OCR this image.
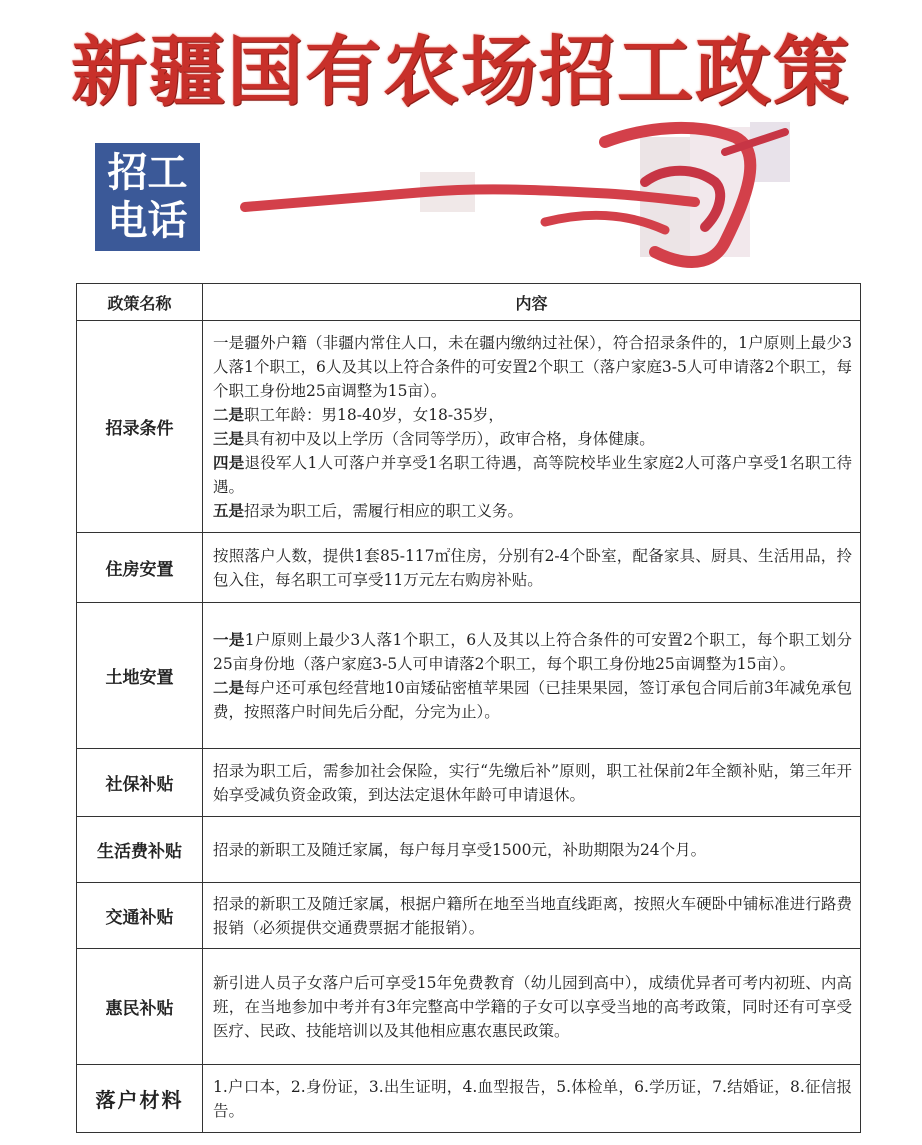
新疆国有农场招工政策
招工
电话
政策名称	内容
招录条件	一是疆外户籍（非疆内常住人口，未在疆内缴纳过社保），符合招录条件的，1户原则上最少3人落1个职工，6人及其以上符合条件的可安置2个职工（落户家庭3-5人可申请落2个职工，每个职工身份地25亩调整为15亩）。

二是职工年龄：男18-40岁，女18-35岁，

三是具有初中及以上学历（含同等学历），政审合格，身体健康。

四是退役军人1人可落户并享受1名职工待遇，高等院校毕业生家庭2人可落户享受1名职工待遇。

五是招录为职工后，需履行相应的职工义务。

住房安置	按照落户人数，提供1套85-117㎡住房，分别有2-4个卧室，配备家具、厨具、生活用品，拎包入住，每名职工可享受11万元左右购房补贴。

土地安置	一是1户原则上最少3人落1个职工，6人及其以上符合条件的可安置2个职工，每个职工划分25亩身份地（落户家庭3-5人可申请落2个职工，每个职工身份地25亩调整为15亩）。

二是每户还可承包经营地10亩矮砧密植苹果园（已挂果果园，签订承包合同后前3年减免承包费，按照落户时间先后分配，分完为止）。

社保补贴	招录为职工后，需参加社会保险，实行“先缴后补”原则，职工社保前2年全额补贴，第三年开始享受减负资金政策，到达法定退休年龄可申请退休。

生活费补贴	招录的新职工及随迁家属，每户每月享受1500元，补助期限为24个月。

交通补贴	招录的新职工及随迁家属，根据户籍所在地至当地直线距离，按照火车硬卧中铺标准进行路费报销（必须提供交通费票据才能报销）。

惠民补贴	新引进人员子女落户后可享受15年免费教育（幼儿园到高中），成绩优异者可考内初班、内高班，在当地参加中考并有3年完整高中学籍的子女可以享受当地的高考政策，同时还有可享受医疗、民政、技能培训以及其他相应惠农惠民政策。

落户材料	1.户口本，2.身份证，3.出生证明，4.血型报告，5.体检单，6.学历证，7.结婚证，8.征信报告。
